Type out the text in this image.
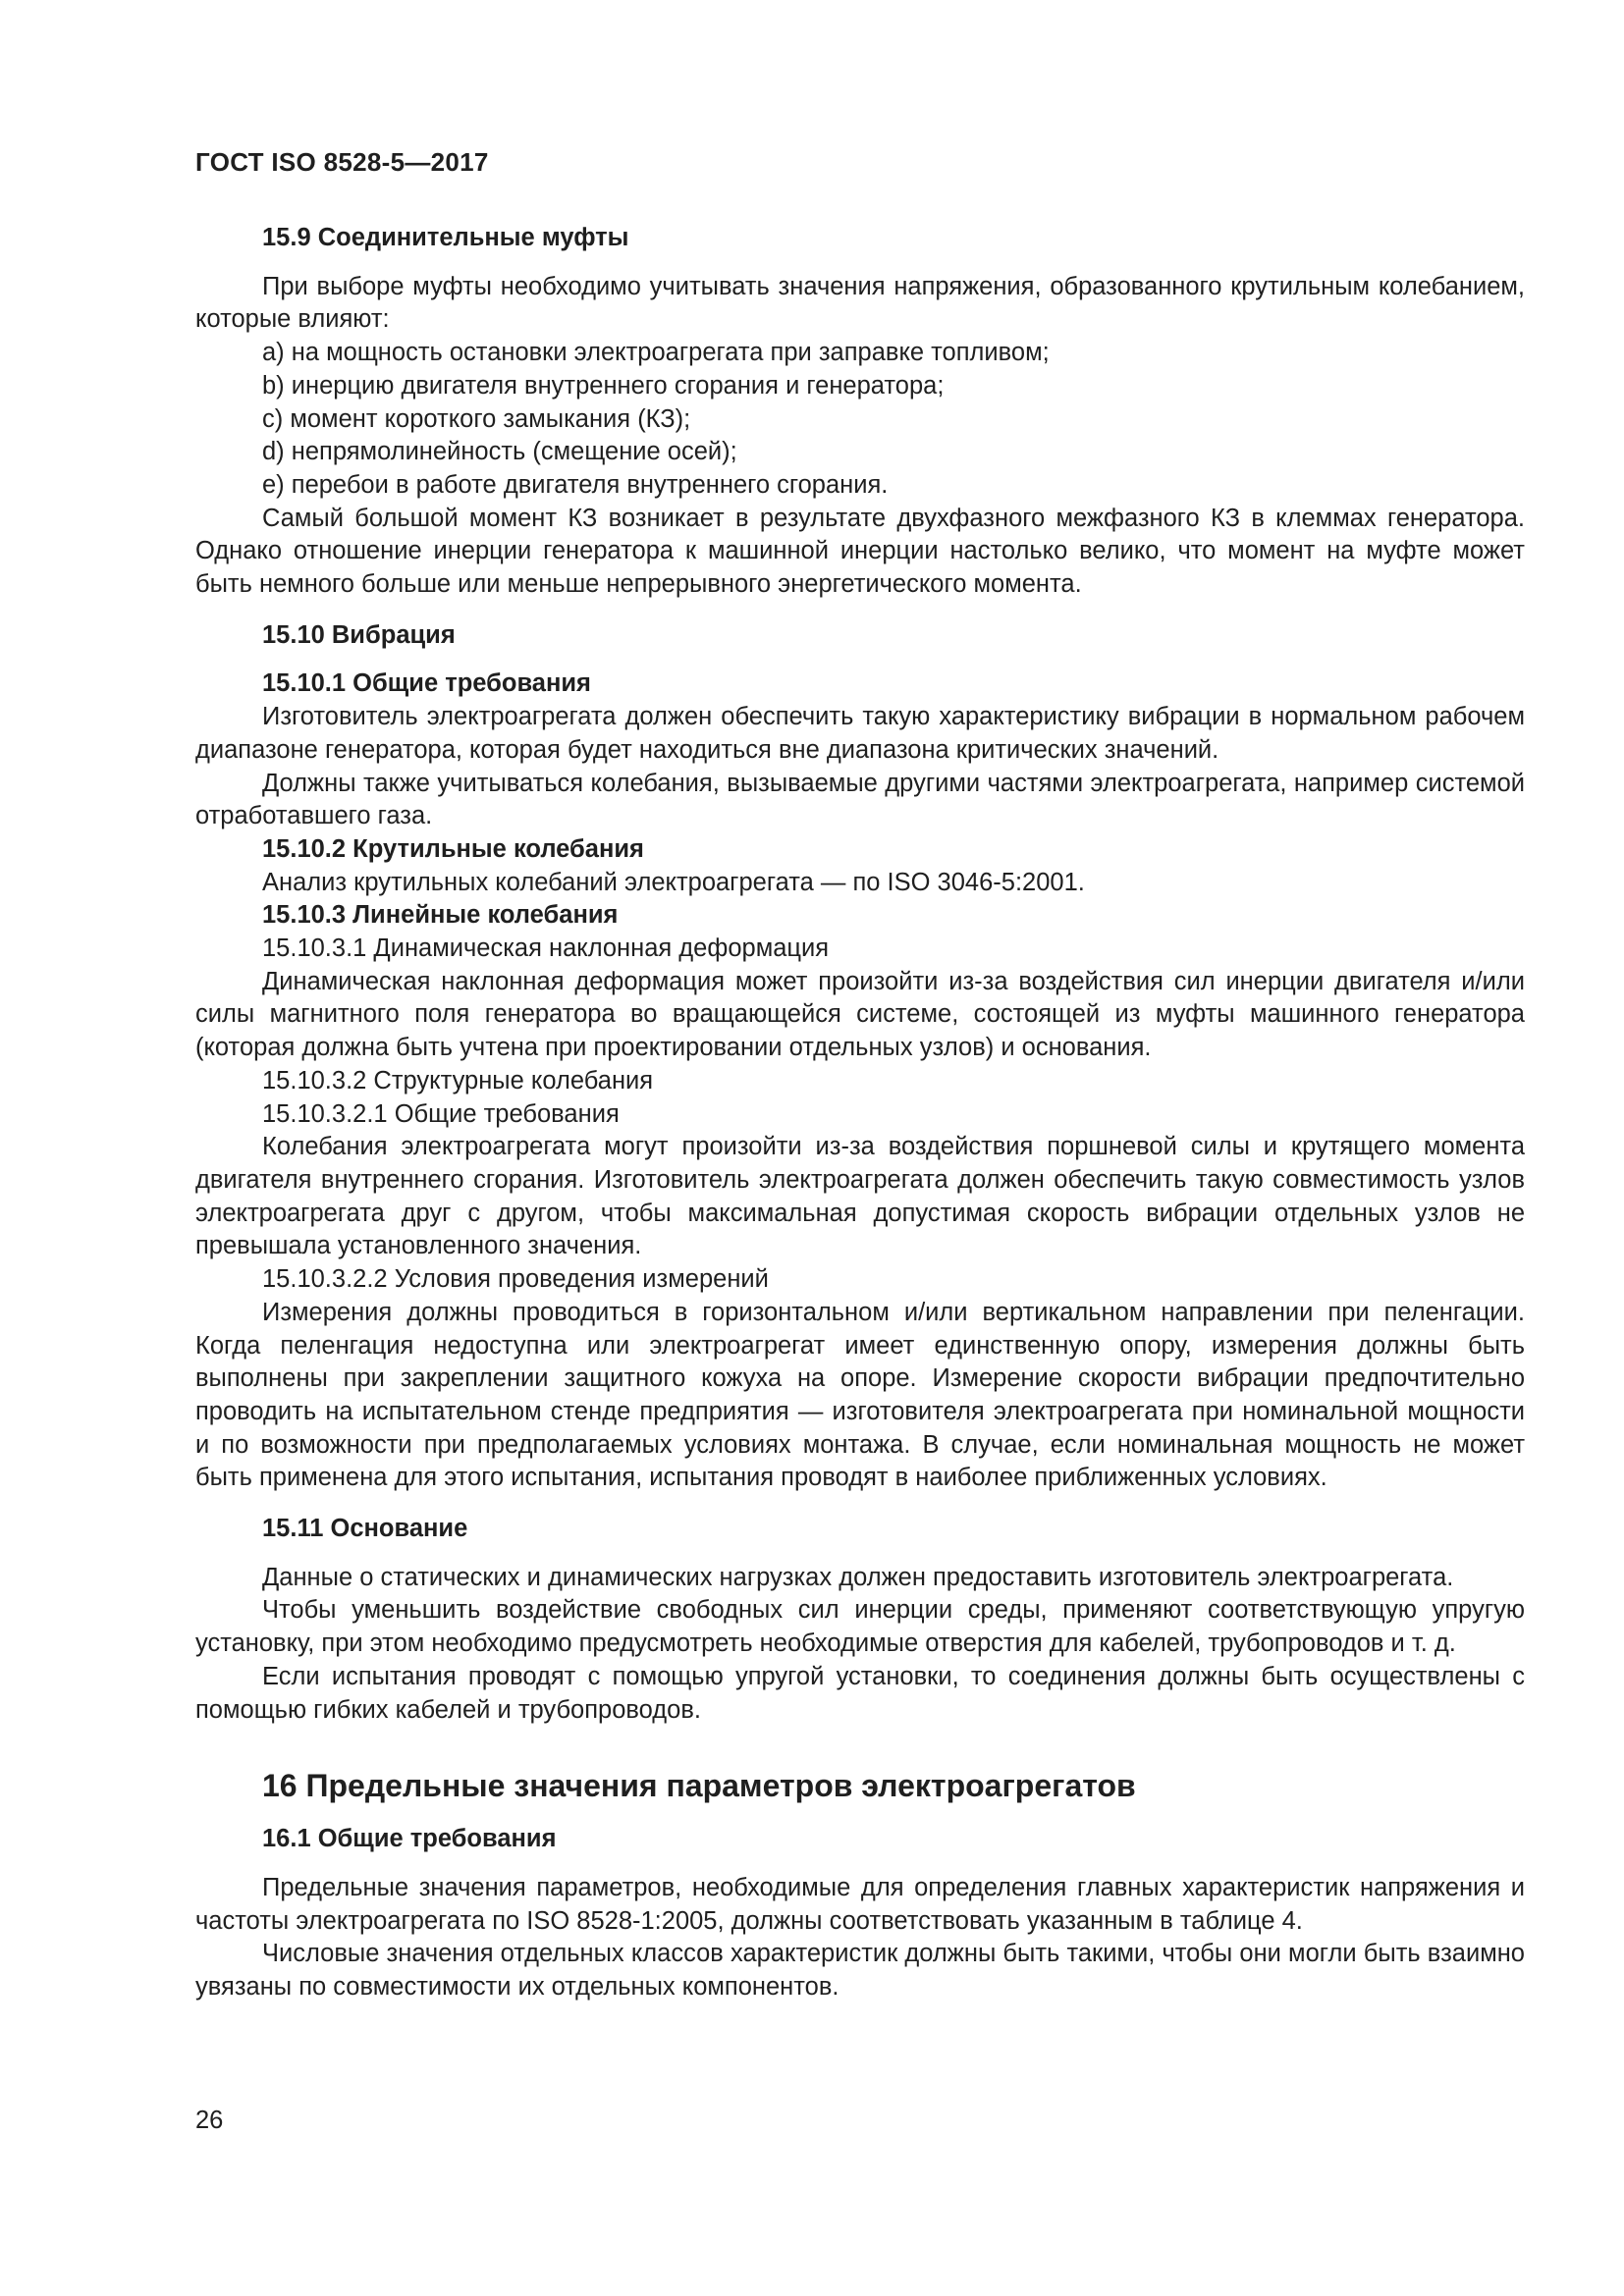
ГОСТ ISO 8528-5—2017
15.9 Соединительные муфты

При выборе муфты необходимо учитывать значения напряжения, образованного крутильным колебанием, которые влияют:

a) на мощность остановки электроагрегата при заправке топливом;

b) инерцию двигателя внутреннего сгорания и генератора;

c) момент короткого замыкания (КЗ);

d) непрямолинейность (смещение осей);

e) перебои в работе двигателя внутреннего сгорания.

Самый большой момент КЗ возникает в результате двухфазного межфазного КЗ в клеммах генератора. Однако отношение инерции генератора к машинной инерции настолько велико, что момент на муфте может быть немного больше или меньше непрерывного энергетического момента.

15.10 Вибрация
15.10.1 Общие требования

Изготовитель электроагрегата должен обеспечить такую характеристику вибрации в нормальном рабочем диапазоне генератора, которая будет находиться вне диапазона критических значений.

Должны также учитываться колебания, вызываемые другими частями электроагрегата, например системой отработавшего газа.

15.10.2 Крутильные колебания

Анализ крутильных колебаний электроагрегата — по ISO 3046-5:2001.

15.10.3 Линейные колебания

15.10.3.1 Динамическая наклонная деформация

Динамическая наклонная деформация может произойти из-за воздействия сил инерции двигателя и/или силы магнитного поля генератора во вращающейся системе, состоящей из муфты машинного генератора (которая должна быть учтена при проектировании отдельных узлов) и основания.

15.10.3.2 Структурные колебания

15.10.3.2.1 Общие требования

Колебания электроагрегата могут произойти из-за воздействия поршневой силы и крутящего момента двигателя внутреннего сгорания. Изготовитель электроагрегата должен обеспечить такую совместимость узлов электроагрегата друг с другом, чтобы максимальная допустимая скорость вибрации отдельных узлов не превышала установленного значения.

15.10.3.2.2 Условия проведения измерений

Измерения должны проводиться в горизонтальном и/или вертикальном направлении при пеленгации. Когда пеленгация недоступна или электроагрегат имеет единственную опору, измерения должны быть выполнены при закреплении защитного кожуха на опоре. Измерение скорости вибрации предпочтительно проводить на испытательном стенде предприятия — изготовителя электроагрегата при номинальной мощности и по возможности при предполагаемых условиях монтажа. В случае, если номинальная мощность не может быть применена для этого испытания, испытания проводят в наиболее приближенных условиях.

15.11 Основание

Данные о статических и динамических нагрузках должен предоставить изготовитель электроагрегата.

Чтобы уменьшить воздействие свободных сил инерции среды, применяют соответствующую упругую установку, при этом необходимо предусмотреть необходимые отверстия для кабелей, трубопроводов и т. д.

Если испытания проводят с помощью упругой установки, то соединения должны быть осуществлены с помощью гибких кабелей и трубопроводов.

16 Предельные значения параметров электроагрегатов
16.1 Общие требования

Предельные значения параметров, необходимые для определения главных характеристик напряжения и частоты электроагрегата по ISO 8528-1:2005, должны соответствовать указанным в таблице 4.

Числовые значения отдельных классов характеристик должны быть такими, чтобы они могли быть взаимно увязаны по совместимости их отдельных компонентов.

26
